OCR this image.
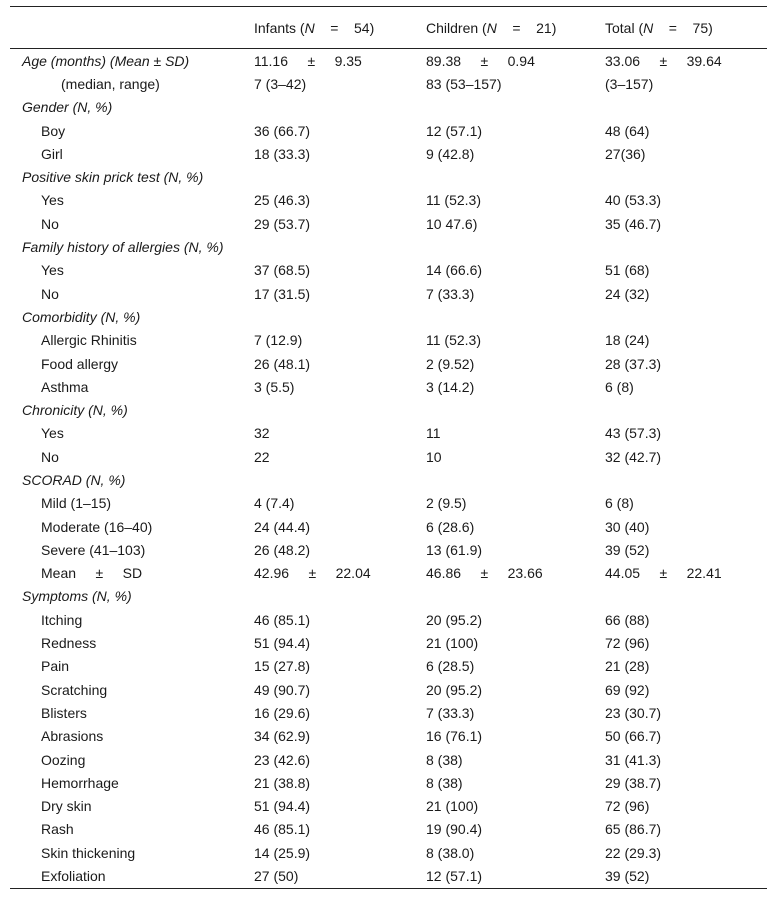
	Infants (N    =    54)	Children (N    =    21)	Total (N    =    75)
Age (months) (Mean ± SD)	11.16     ±     9.35	89.38     ±     0.94	33.06     ±     39.64
(median, range)	7 (3–42)	83 (53–157)	(3–157)
Gender (N, %)			
Boy	36 (66.7)	12 (57.1)	48 (64)
Girl	18 (33.3)	9 (42.8)	27(36)
Positive skin prick test (N, %)			
Yes	25 (46.3)	11 (52.3)	40 (53.3)
No	29 (53.7)	10 47.6)	35 (46.7)
Family history of allergies (N, %)			
Yes	37 (68.5)	14 (66.6)	51 (68)
No	17 (31.5)	7 (33.3)	24 (32)
Comorbidity (N, %)			
Allergic Rhinitis	7 (12.9)	11 (52.3)	18 (24)
Food allergy	26 (48.1)	2 (9.52)	28 (37.3)
Asthma	3 (5.5)	3 (14.2)	6 (8)
Chronicity (N, %)			
Yes	32	11	43 (57.3)
No	22	10	32 (42.7)
SCORAD (N, %)			
Mild (1–15)	4 (7.4)	2 (9.5)	6 (8)
Moderate (16–40)	24 (44.4)	6 (28.6)	30 (40)
Severe (41–103)	26 (48.2)	13 (61.9)	39 (52)
Mean     ±     SD	42.96     ±     22.04	46.86     ±     23.66	44.05     ±     22.41
Symptoms (N, %)			
Itching	46 (85.1)	20 (95.2)	66 (88)
Redness	51 (94.4)	21 (100)	72 (96)
Pain	15 (27.8)	6 (28.5)	21 (28)
Scratching	49 (90.7)	20 (95.2)	69 (92)
Blisters	16 (29.6)	7 (33.3)	23 (30.7)
Abrasions	34 (62.9)	16 (76.1)	50 (66.7)
Oozing	23 (42.6)	8 (38)	31 (41.3)
Hemorrhage	21 (38.8)	8 (38)	29 (38.7)
Dry skin	51 (94.4)	21 (100)	72 (96)
Rash	46 (85.1)	19 (90.4)	65 (86.7)
Skin thickening	14 (25.9)	8 (38.0)	22 (29.3)
Exfoliation	27 (50)	12 (57.1)	39 (52)
